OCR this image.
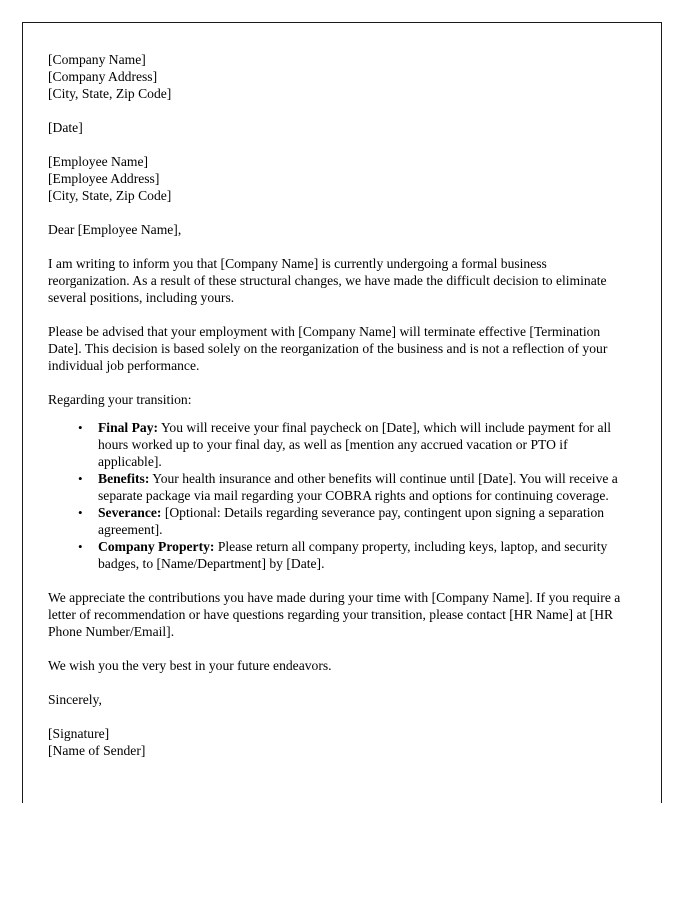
[Company Name]
[Company Address]
[City, State, Zip Code]
[Date]
[Employee Name]
[Employee Address]
[City, State, Zip Code]
Dear [Employee Name],

I am writing to inform you that [Company Name] is currently undergoing a formal business reorganization. As a result of these structural changes, we have made the difficult decision to eliminate several positions, including yours.

Please be advised that your employment with [Company Name] will terminate effective [Termination Date]. This decision is based solely on the reorganization of the business and is not a reflection of your individual job performance.

Regarding your transition:

• Final Pay: You will receive your final paycheck on [Date], which will include payment for all hours worked up to your final day, as well as [mention any accrued vacation or PTO if applicable].
• Benefits: Your health insurance and other benefits will continue until [Date]. You will receive a separate package via mail regarding your COBRA rights and options for continuing coverage.
• Severance: [Optional: Details regarding severance pay, contingent upon signing a separation agreement].
• Company Property: Please return all company property, including keys, laptop, and security badges, to [Name/Department] by [Date].

We appreciate the contributions you have made during your time with [Company Name]. If you require a letter of recommendation or have questions regarding your transition, please contact [HR Name] at [HR Phone Number/Email].

We wish you the very best in your future endeavors.

Sincerely,
[Signature]
[Name of Sender]
